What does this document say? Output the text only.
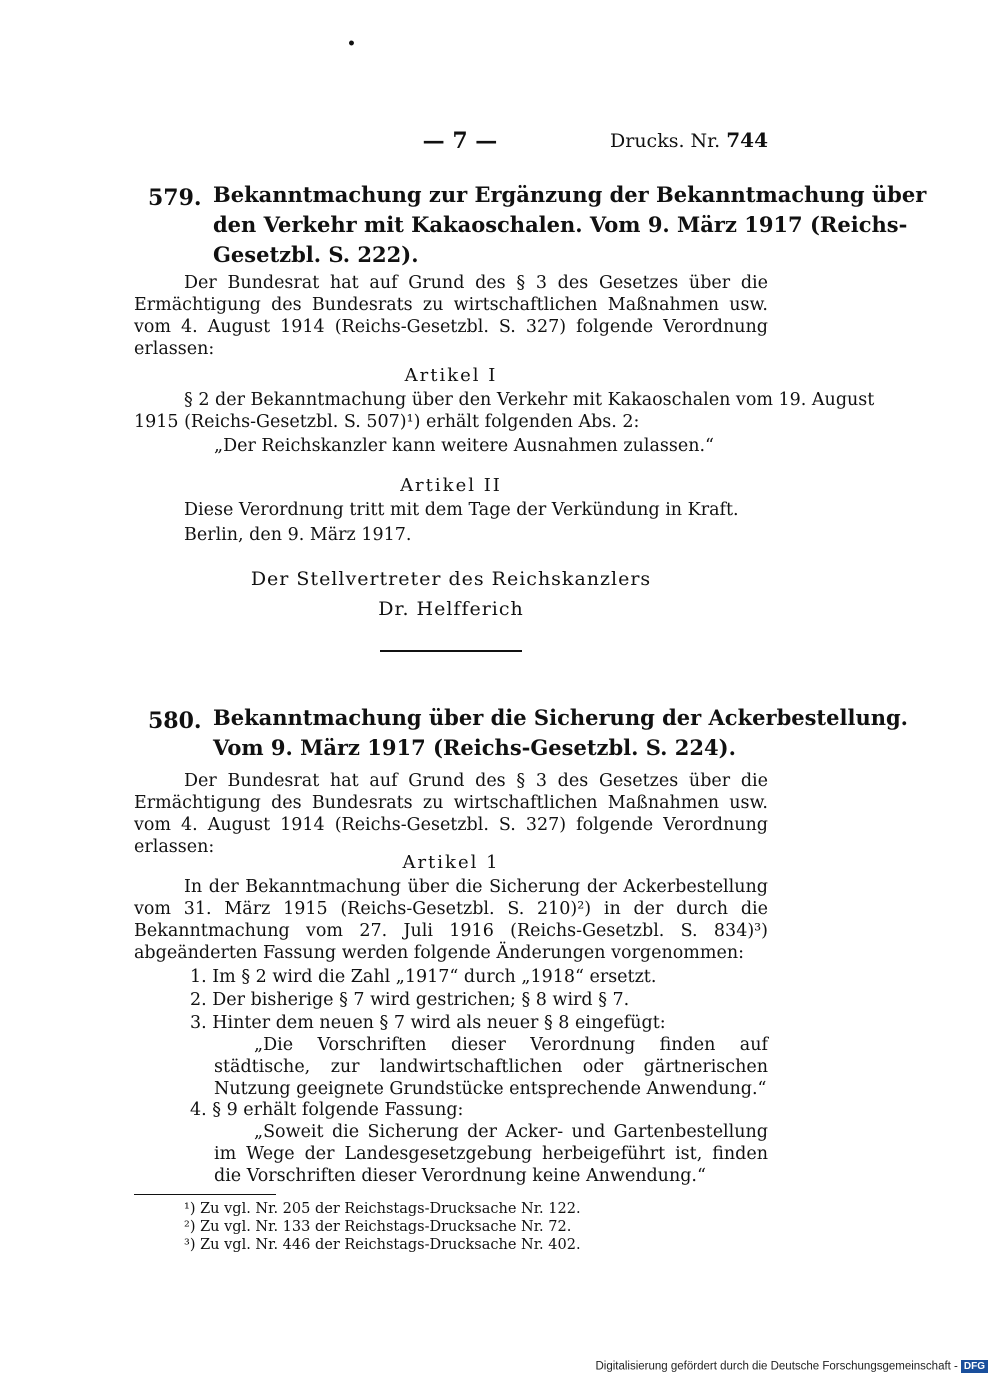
•
— 7 —	Drucks. Nr. 744
579. Bekanntmachung zur Ergänzung der Bekanntmachung über
den Verkehr mit Kakaoschalen. Vom 9. März 1917 (Reichs-
Gesetzbl. S. 222).
Der Bundesrat hat auf Grund des § 3 des Gesetzes über die Ermächtigung des Bundesrats zu wirtschaftlichen Maßnahmen usw. vom 4. August 1914 (Reichs-Gesetzbl. S. 327) folgende Verordnung erlassen:
Artikel I
§ 2 der Bekanntmachung über den Verkehr mit Kakaoschalen vom 19. August
1915 (Reichs-Gesetzbl. S. 507)¹) erhält folgenden Abs. 2:
„Der Reichskanzler kann weitere Ausnahmen zulassen.“
Artikel II
Diese Verordnung tritt mit dem Tage der Verkündung in Kraft.
Berlin, den 9. März 1917.
Der Stellvertreter des Reichskanzlers
Dr. Helfferich
580. Bekanntmachung über die Sicherung der Ackerbestellung.
Vom 9. März 1917 (Reichs-Gesetzbl. S. 224).
Der Bundesrat hat auf Grund des § 3 des Gesetzes über die Ermächtigung des Bundesrats zu wirtschaftlichen Maßnahmen usw. vom 4. August 1914 (Reichs-Gesetzbl. S. 327) folgende Verordnung erlassen:
Artikel 1
In der Bekanntmachung über die Sicherung der Ackerbestellung vom 31. März 1915 (Reichs-Gesetzbl. S. 210)²) in der durch die Bekanntmachung vom 27. Juli 1916 (Reichs-Gesetzbl. S. 834)³) abgeänderten Fassung werden folgende Änderungen vorgenommen:
1. Im § 2 wird die Zahl „1917“ durch „1918“ ersetzt.
2. Der bisherige § 7 wird gestrichen; § 8 wird § 7.
3. Hinter dem neuen § 7 wird als neuer § 8 eingefügt:
„Die Vorschriften dieser Verordnung finden auf städtische, zur landwirtschaftlichen oder gärtnerischen Nutzung geeignete Grundstücke entsprechende Anwendung.“
4. § 9 erhält folgende Fassung:
„Soweit die Sicherung der Acker- und Gartenbestellung im Wege der Landesgesetzgebung herbeigeführt ist, finden die Vorschriften dieser Verordnung keine Anwendung.“
¹) Zu vgl. Nr. 205 der Reichstags-Drucksache Nr. 122.
²) Zu vgl. Nr. 133 der Reichstags-Drucksache Nr. 72.
³) Zu vgl. Nr. 446 der Reichstags-Drucksache Nr. 402.
Digitalisierung gefördert durch die Deutsche Forschungsgemeinschaft - DFG
